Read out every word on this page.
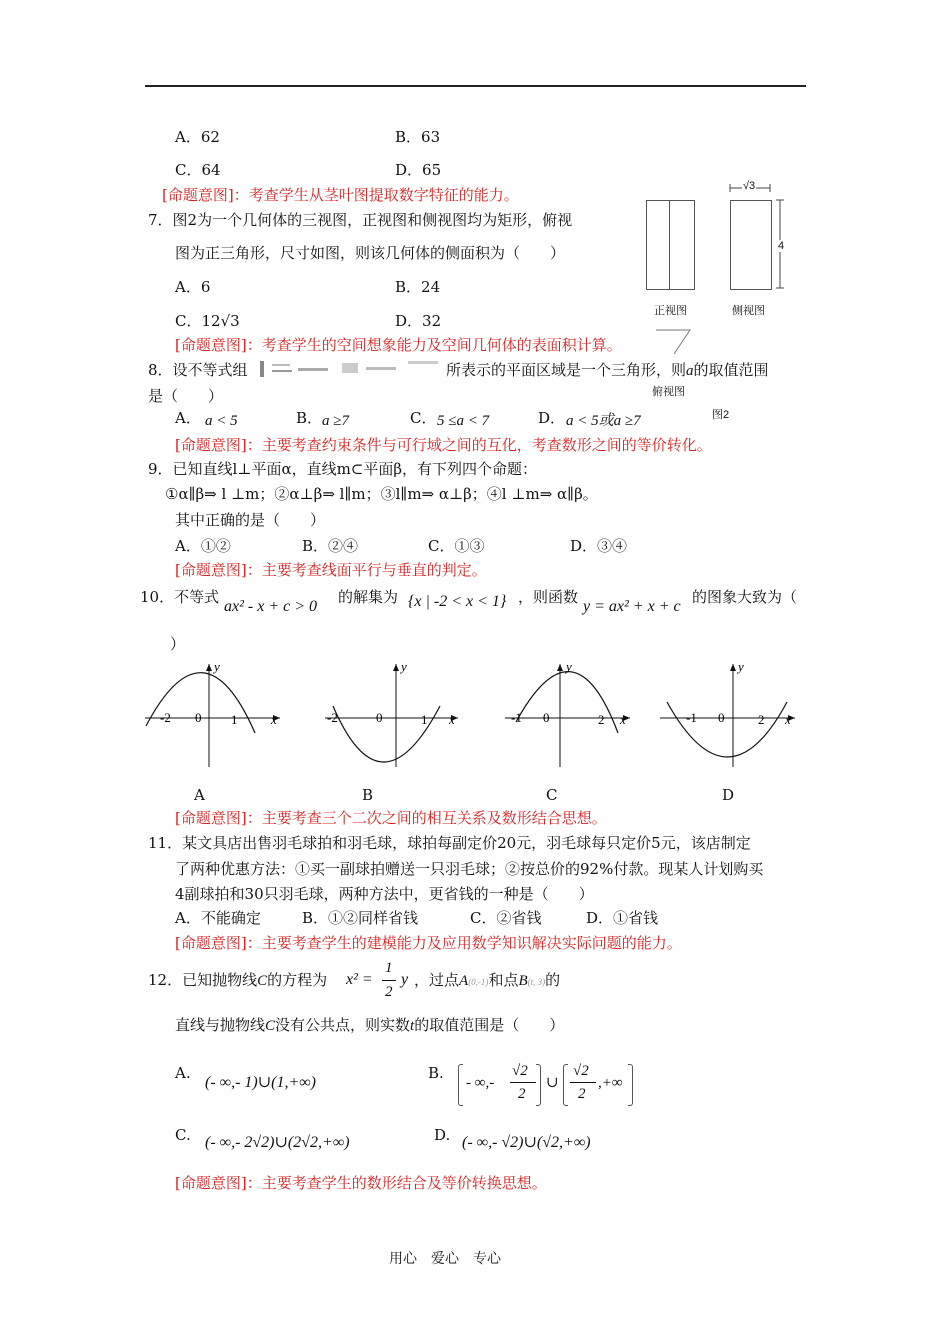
A．62	B．63
C．64	D．65
[命题意图]：考查学生从茎叶图提取数字特征的能力。
7．图2为一个几何体的三视图，正视图和侧视图均为矩形，俯视
图为正三角形，尺寸如图，则该几何体的侧面积为（　　）
A．6	B．24
C．12√3	D．32
[命题意图]：考查学生的空间想象能力及空间几何体的表面积计算。
√3
4
正视图	侧视图
俯视图
图2
8．设不等式组	所表示的平面区域是一个三角形，则a的取值范围
是（　　）
A． a < 5	B． a ≥7	C． 5 ≤a < 7	D． a < 5或a ≥7
[命题意图]：主要考查约束条件与可行域之间的互化，考查数形之间的等价转化。
9．已知直线l⊥平面α，直线m⊂平面β，有下列四个命题：
①α∥β⇒ l ⊥m；②α⊥β⇒ l∥m；③l∥m⇒ α⊥β；④l ⊥m⇒ α∥β。
其中正确的是（　　）
A．①②	B．②④	C．①③	D．③④
[命题意图]：主要考查线面平行与垂直的判定。
10．不等式
ax² - x + c > 0
的解集为 {x | -2 < x < 1} ，则函数
y = ax² + x + c
的图象大致为（
）
y
x
-2 0 1
y
x
-2	0	1
y
x
-1 0	2
y
x
-1 0	2
A	B	C	D
[命题意图]：主要考查三个二次之间的相互关系及数形结合思想。
11．某文具店出售羽毛球拍和羽毛球，球拍每副定价20元，羽毛球每只定价5元，该店制定
了两种优惠方法：①买一副球拍赠送一只羽毛球；②按总价的92%付款。现某人计划购买
4副球拍和30只羽毛球，两种方法中，更省钱的一种是（　　）
A．不能确定	B．①②同样省钱	C．②省钱	D．①省钱
[命题意图]：主要考查学生的建模能力及应用数学知识解决实际问题的能力。
12．已知抛物线C的方程为 x² =
1
2
y ，过点A(0,-1)和点B(t, 3)的
直线与抛物线C没有公共点，则实数t的取值范围是（　　）
A.
(- ∞,- 1)∪(1,+∞)
B.
- ∞,-
√2
2
∪
√2
2
,+∞
C. (- ∞,- 2√2)∪(2√2,+∞)	D. (- ∞,- √2)∪(√2,+∞)
[命题意图]：主要考查学生的数形结合及等价转换思想。
用心　爱心　专心
